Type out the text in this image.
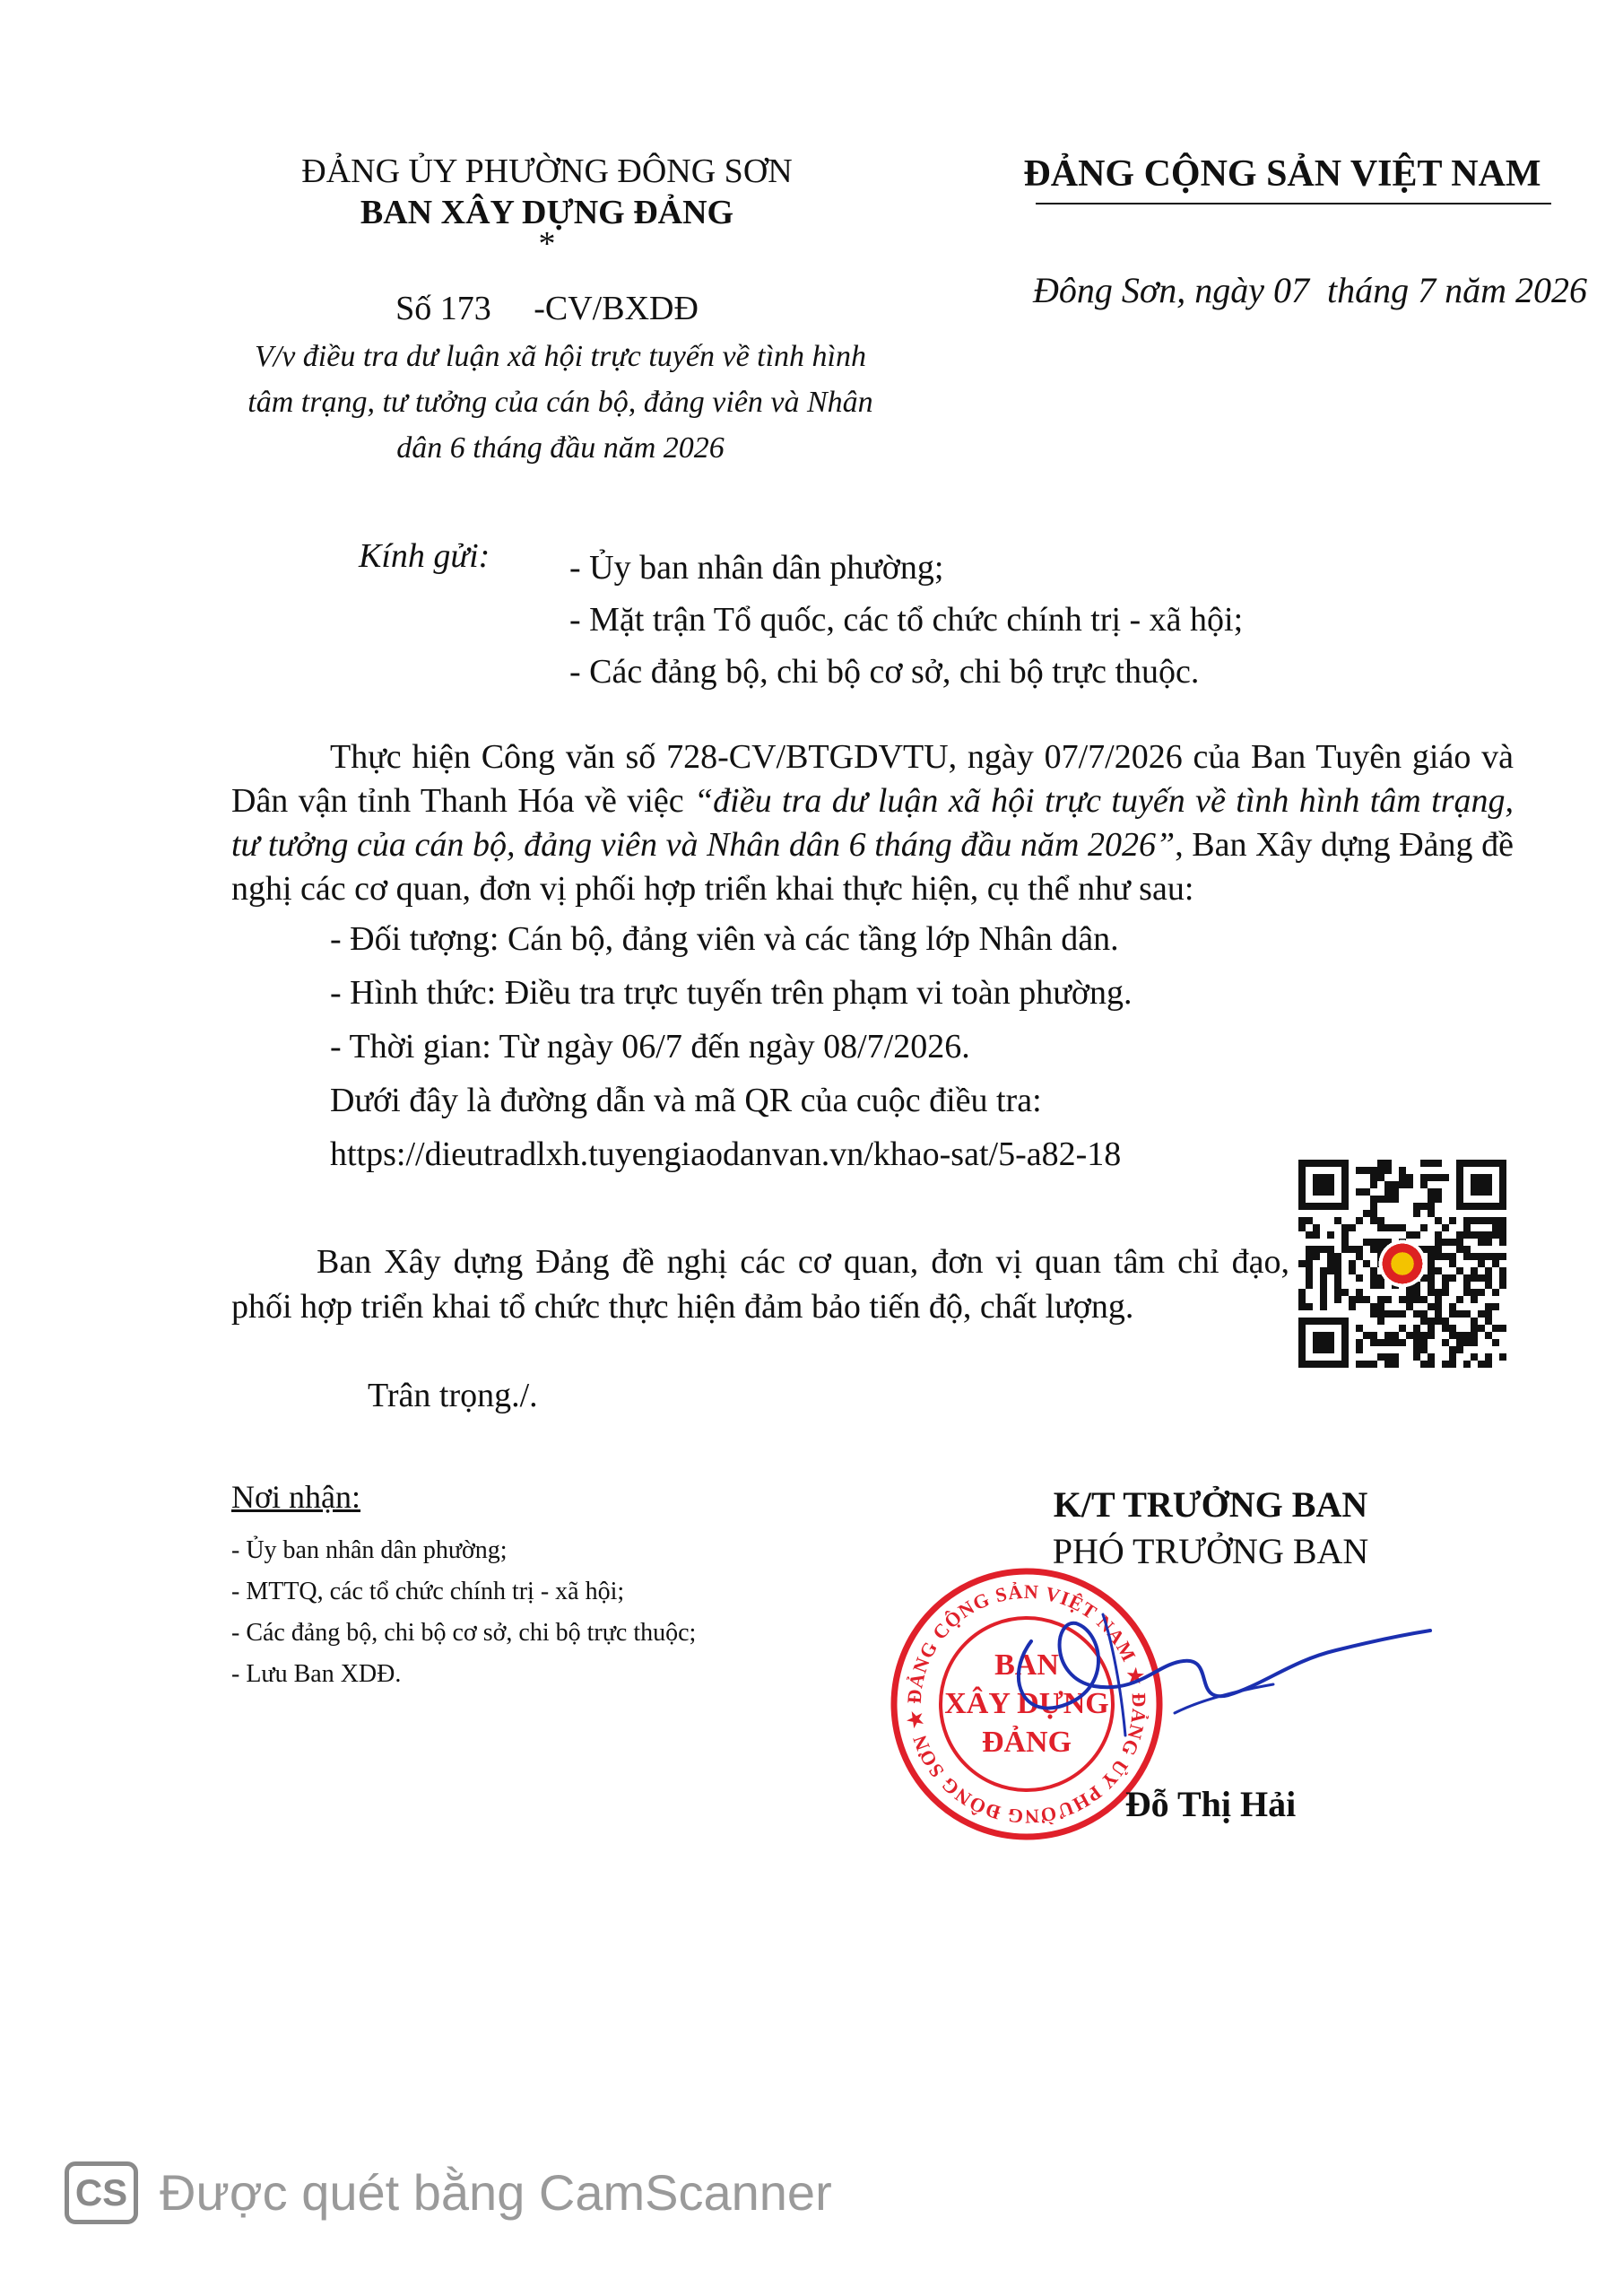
ĐẢNG ỦY PHƯỜNG ĐÔNG SƠN
BAN XÂY DỰNG ĐẢNG
*
Số 173     -CV/BXDĐ
V/v điều tra dư luận xã hội trực tuyến về tình hình tâm trạng, tư tưởng của cán bộ, đảng viên và Nhân dân 6 tháng đầu năm 2026
ĐẢNG CỘNG SẢN VIỆT NAM
Đông Sơn, ngày 07  tháng 7 năm 2026
Kính gửi: - Ủy ban nhân dân phường;
- Mặt trận Tổ quốc, các tổ chức chính trị - xã hội;
- Các đảng bộ, chi bộ cơ sở, chi bộ trực thuộc.

Thực hiện Công văn số 728-CV/BTGDVTU, ngày 07/7/2026 của Ban Tuyên giáo và Dân vận tỉnh Thanh Hóa về việc “điều tra dư luận xã hội trực tuyến về tình hình tâm trạng, tư tưởng của cán bộ, đảng viên và Nhân dân 6 tháng đầu năm 2026”, Ban Xây dựng Đảng đề nghị các cơ quan, đơn vị phối hợp triển khai thực hiện, cụ thể như sau:

- Đối tượng: Cán bộ, đảng viên và các tầng lớp Nhân dân.
- Hình thức: Điều tra trực tuyến trên phạm vi toàn phường.
- Thời gian: Từ ngày 06/7 đến ngày 08/7/2026.
Dưới đây là đường dẫn và mã QR của cuộc điều tra:
https://dieutradlxh.tuyengiaodanvan.vn/khao-sat/5-a82-18
Ban Xây dựng Đảng đề nghị các cơ quan, đơn vị quan tâm chỉ đạo, phối hợp triển khai tổ chức thực hiện đảm bảo tiến độ, chất lượng.
Trân trọng./.
Nơi nhận:
- Ủy ban nhân dân phường;
- MTTQ, các tổ chức chính trị - xã hội;
- Các đảng bộ, chi bộ cơ sở, chi bộ trực thuộc;
- Lưu Ban XDĐ.
K/T TRƯỞNG BAN
PHÓ TRƯỞNG BAN
ĐẢNG CỘNG SẢN VIỆT NAM ★ ĐẢNG ỦY PHƯỜNG ĐÔNG SƠN ★
BAN
XÂY DỰNG
ĐẢNG
Đỗ Thị Hải
CS Được quét bằng CamScanner
